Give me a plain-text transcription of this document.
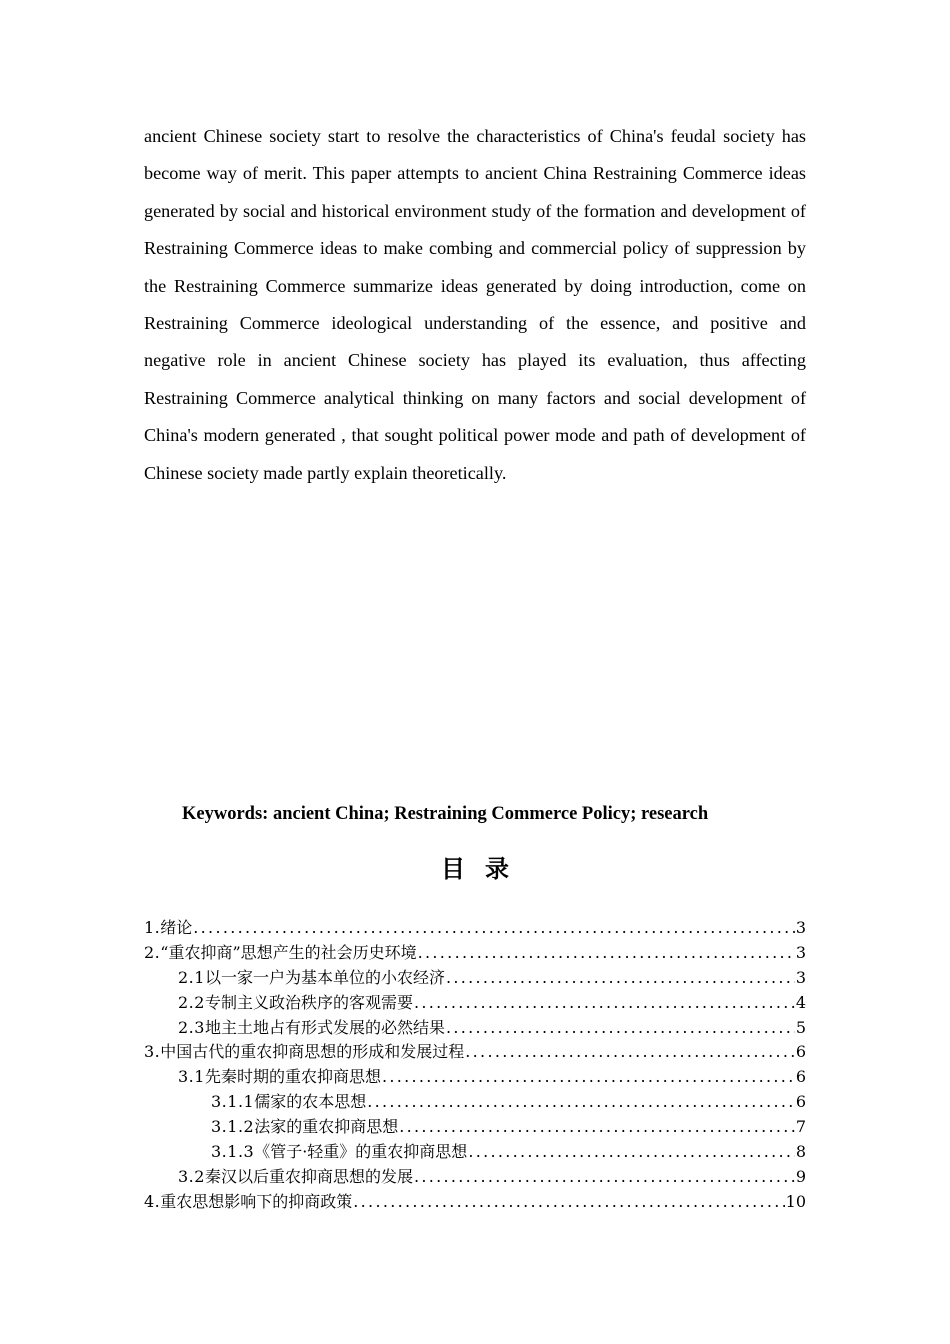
ancient Chinese society start to resolve the characteristics of China's feudal society has become way of merit. This paper attempts to ancient China Restraining Commerce ideas generated by social and historical environment study of the formation and development of Restraining Commerce ideas to make combing and commercial policy of suppression by the Restraining Commerce summarize ideas generated by doing introduction, come on Restraining Commerce ideological understanding of the essence, and positive and negative role in ancient Chinese society has played its evaluation, thus affecting Restraining Commerce analytical thinking on many factors and social development of China's modern generated , that sought political power mode and path of development of Chinese society made partly explain theoretically.

Keywords: ancient China; Restraining Commerce Policy; research
目录
1. 绪论 .....	3
2. “重农抑商”思想产生的社会历史环境 .....	3
2.1 以一家一户为基本单位的小农经济 .....	3
2.2 专制主义政治秩序的客观需要 .....	4
2.3 地主土地占有形式发展的必然结果 .....	5
3. 中国古代的重农抑商思想的形成和发展过程 .....	6
3.1 先秦时期的重农抑商思想 .....	6
3.1.1 儒家的农本思想 .....	6
3.1.2 法家的重农抑商思想 .....	7
3.1.3 《管子·轻重》的重农抑商思想 .....	8
3.2 秦汉以后重农抑商思想的发展 .....	9
4. 重农思想影响下的抑商政策 .....	10
